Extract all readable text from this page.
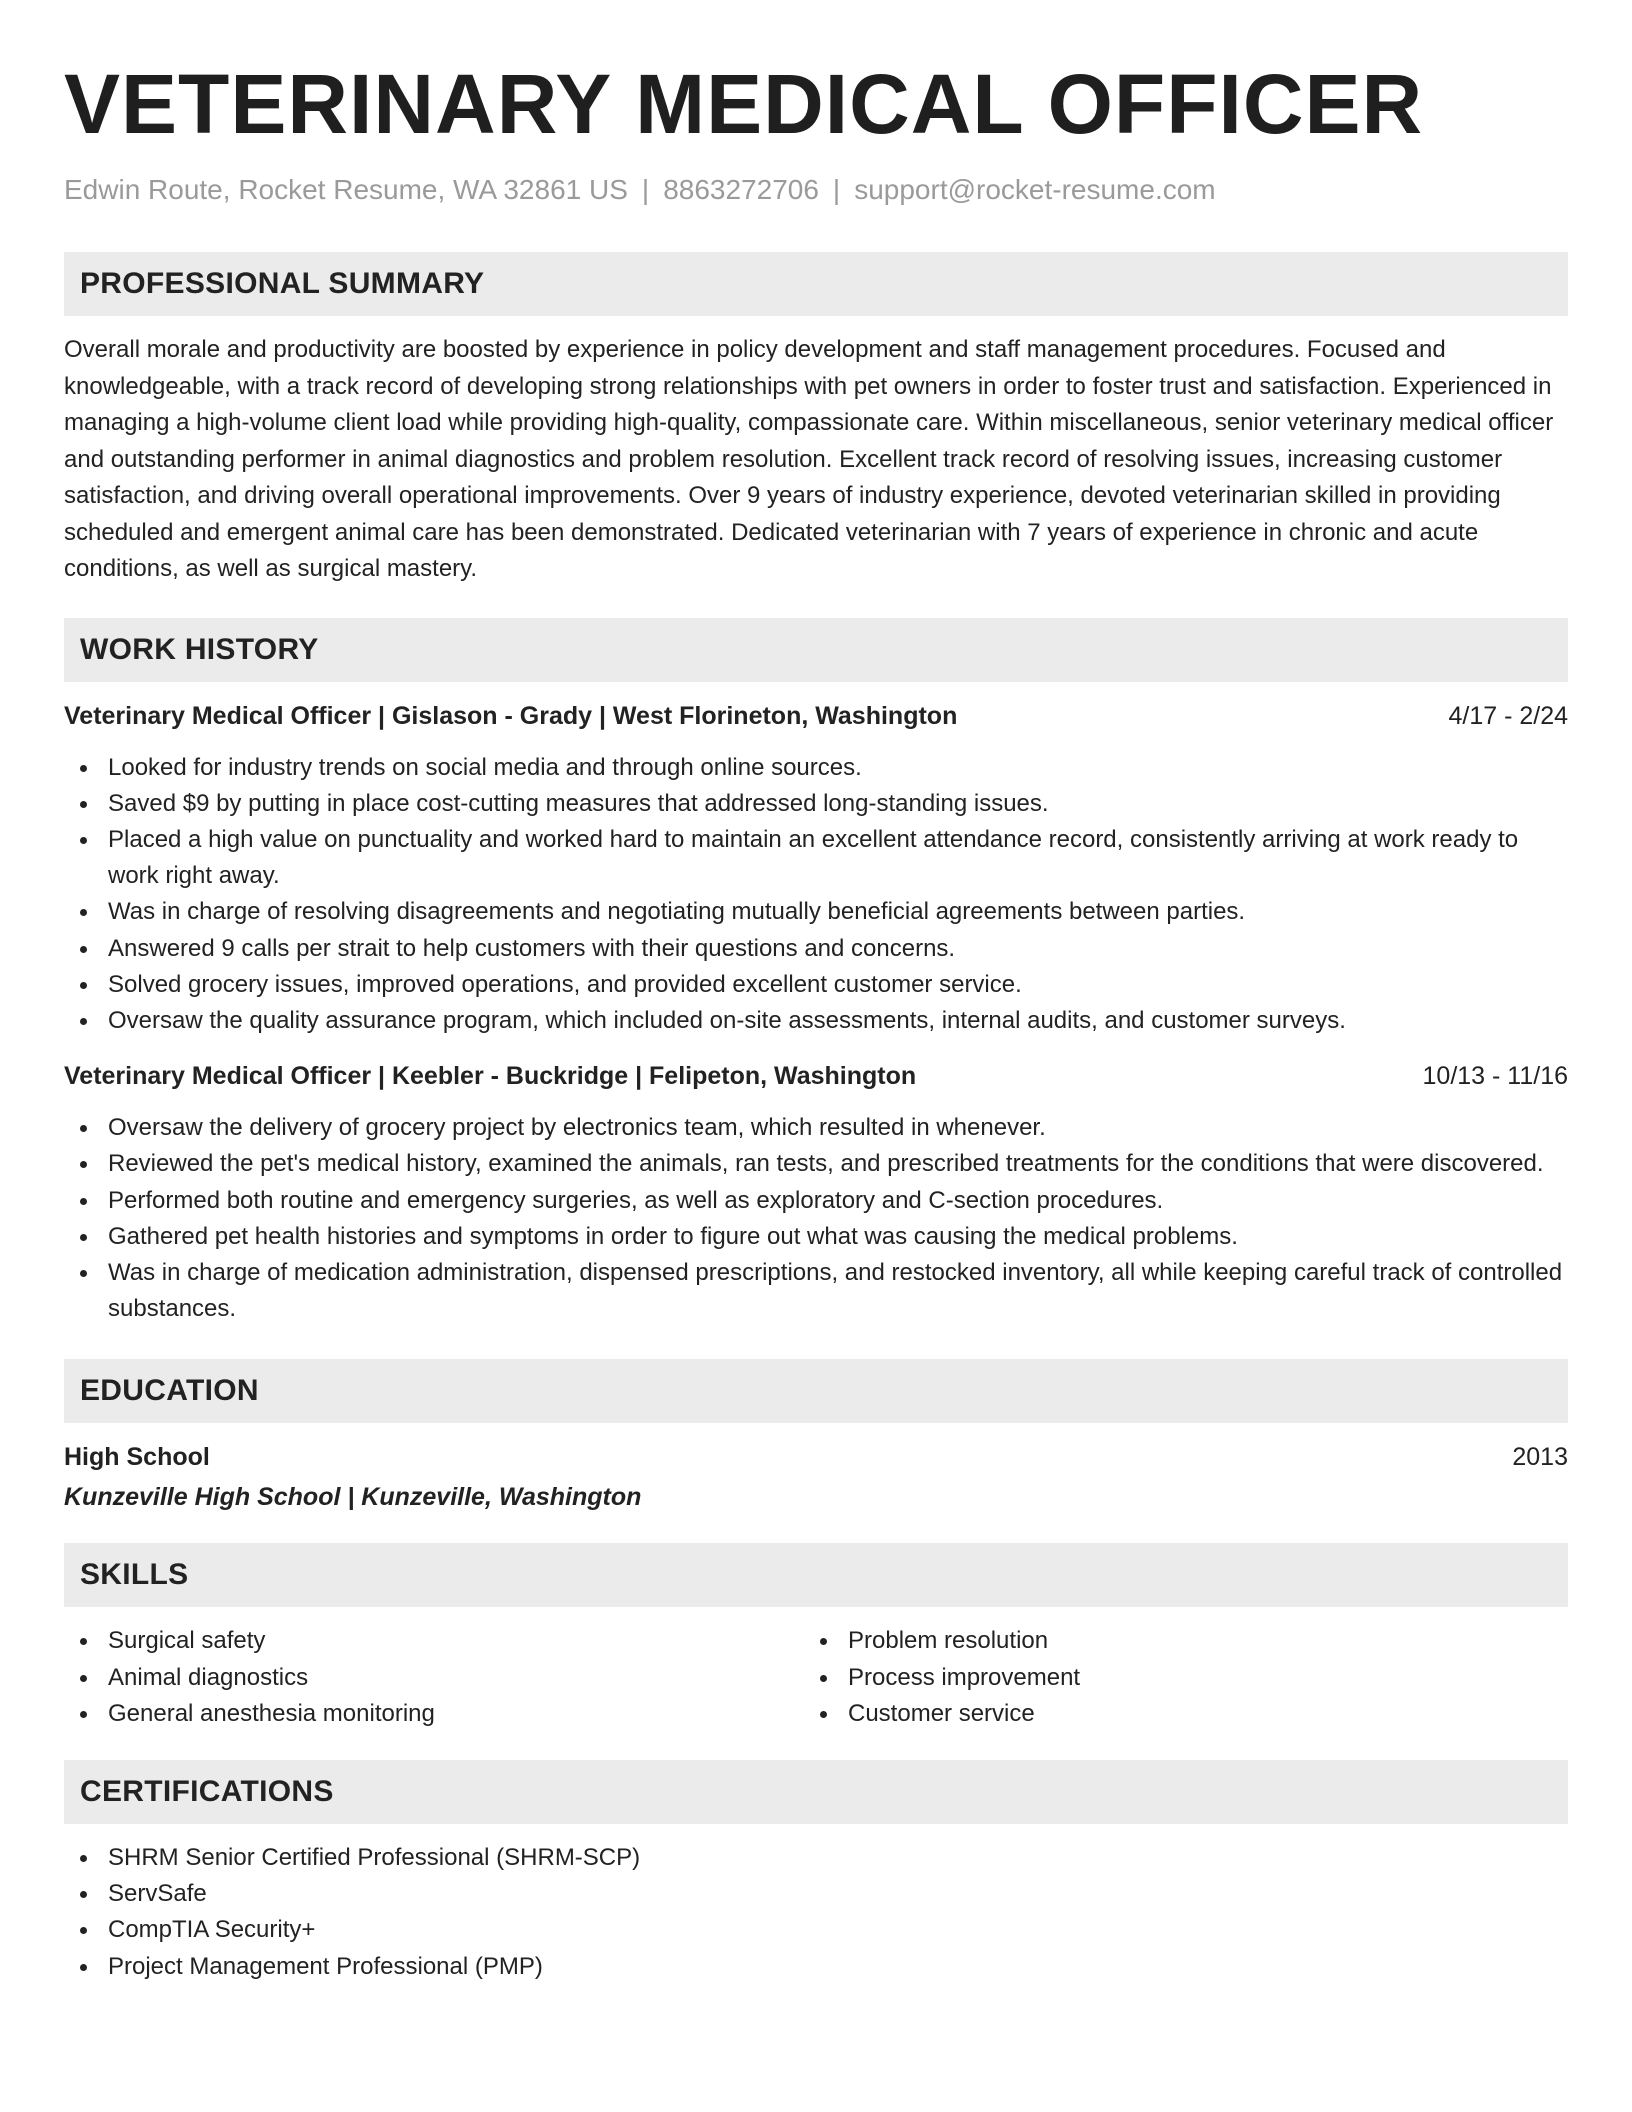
VETERINARY MEDICAL OFFICER
Edwin Route, Rocket Resume, WA 32861 US | 8863272706 | support@rocket-resume.com
PROFESSIONAL SUMMARY

Overall morale and productivity are boosted by experience in policy development and staff management procedures. Focused and knowledgeable, with a track record of developing strong relationships with pet owners in order to foster trust and satisfaction. Experienced in managing a high-volume client load while providing high-quality, compassionate care. Within miscellaneous, senior veterinary medical officer and outstanding performer in animal diagnostics and problem resolution. Excellent track record of resolving issues, increasing customer satisfaction, and driving overall operational improvements. Over 9 years of industry experience, devoted veterinarian skilled in providing scheduled and emergent animal care has been demonstrated. Dedicated veterinarian with 7 years of experience in chronic and acute conditions, as well as surgical mastery.

WORK HISTORY
Veterinary Medical Officer | Gislason - Grady | West Florineton, Washington	4/17 - 2/24
Looked for industry trends on social media and through online sources.
Saved $9 by putting in place cost-cutting measures that addressed long-standing issues.
Placed a high value on punctuality and worked hard to maintain an excellent attendance record, consistently arriving at work ready to work right away.
Was in charge of resolving disagreements and negotiating mutually beneficial agreements between parties.
Answered 9 calls per strait to help customers with their questions and concerns.
Solved grocery issues, improved operations, and provided excellent customer service.
Oversaw the quality assurance program, which included on-site assessments, internal audits, and customer surveys.
Veterinary Medical Officer | Keebler - Buckridge | Felipeton, Washington	10/13 - 11/16
Oversaw the delivery of grocery project by electronics team, which resulted in whenever.
Reviewed the pet's medical history, examined the animals, ran tests, and prescribed treatments for the conditions that were discovered.
Performed both routine and emergency surgeries, as well as exploratory and C-section procedures.
Gathered pet health histories and symptoms in order to figure out what was causing the medical problems.
Was in charge of medication administration, dispensed prescriptions, and restocked inventory, all while keeping careful track of controlled substances.
EDUCATION
High School	2013
Kunzeville High School | Kunzeville, Washington
SKILLS
Surgical safety
Animal diagnostics
General anesthesia monitoring
Problem resolution
Process improvement
Customer service
CERTIFICATIONS
SHRM Senior Certified Professional (SHRM-SCP)
ServSafe
CompTIA Security+
Project Management Professional (PMP)
